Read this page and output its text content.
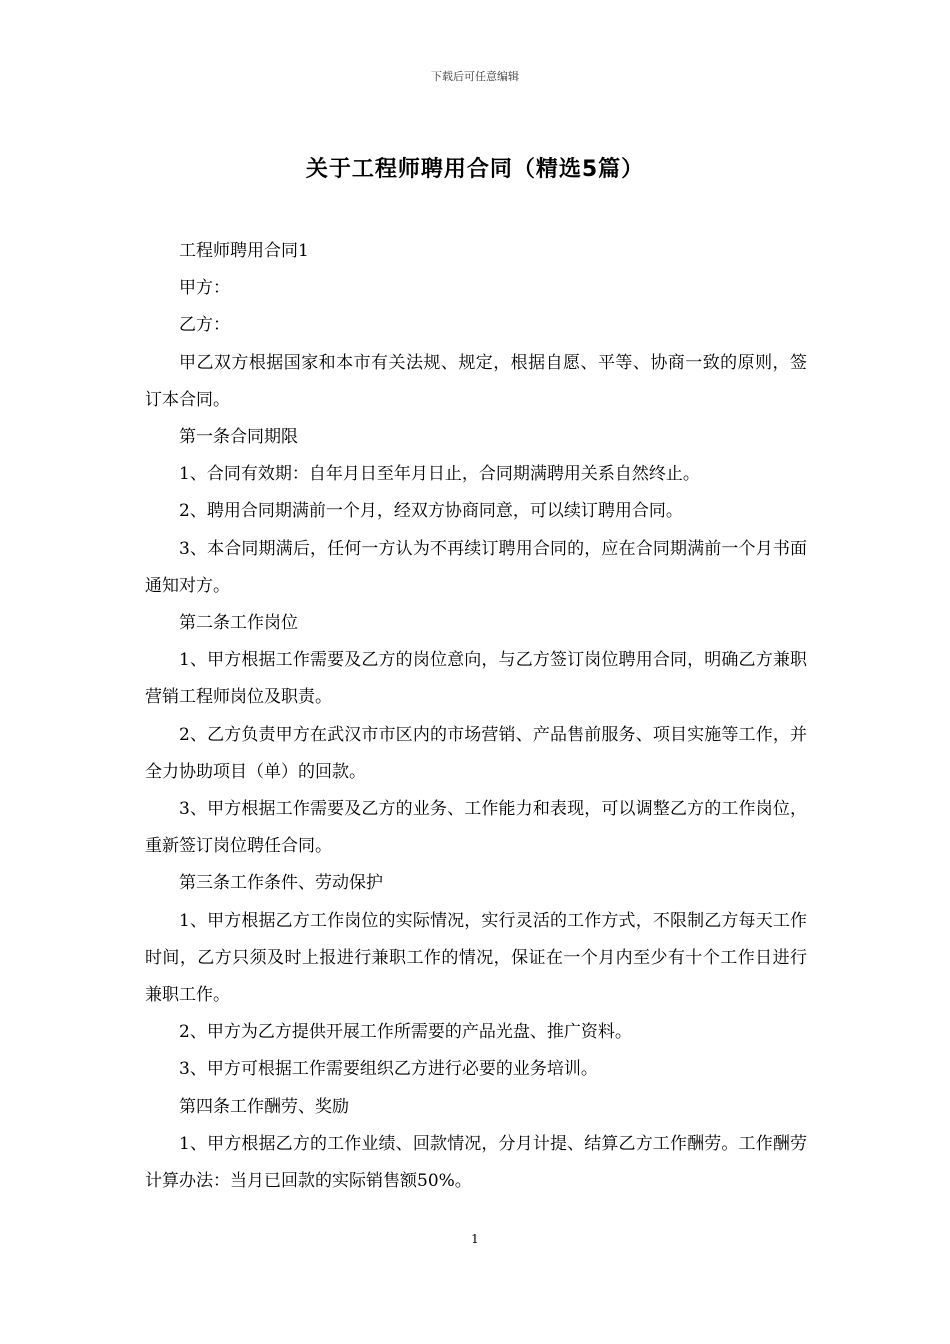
下载后可任意编辑
关于工程师聘用合同（精选5篇）

工程师聘用合同1

甲方：

乙方：

甲乙双方根据国家和本市有关法规、规定，根据自愿、平等、协商一致的原则，签订本合同。

第一条合同期限

1、合同有效期：自年月日至年月日止，合同期满聘用关系自然终止。

2、聘用合同期满前一个月，经双方协商同意，可以续订聘用合同。

3、本合同期满后，任何一方认为不再续订聘用合同的，应在合同期满前一个月书面通知对方。

第二条工作岗位

1、甲方根据工作需要及乙方的岗位意向，与乙方签订岗位聘用合同，明确乙方兼职营销工程师岗位及职责。

2、乙方负责甲方在武汉市市区内的市场营销、产品售前服务、项目实施等工作，并全力协助项目（单）的回款。

3、甲方根据工作需要及乙方的业务、工作能力和表现，可以调整乙方的工作岗位，重新签订岗位聘任合同。

第三条工作条件、劳动保护

1、甲方根据乙方工作岗位的实际情况，实行灵活的工作方式，不限制乙方每天工作时间，乙方只须及时上报进行兼职工作的情况，保证在一个月内至少有十个工作日进行兼职工作。

2、甲方为乙方提供开展工作所需要的产品光盘、推广资料。

3、甲方可根据工作需要组织乙方进行必要的业务培训。

第四条工作酬劳、奖励

1、甲方根据乙方的工作业绩、回款情况，分月计提、结算乙方工作酬劳。工作酬劳计算办法：当月已回款的实际销售额50%。

1
